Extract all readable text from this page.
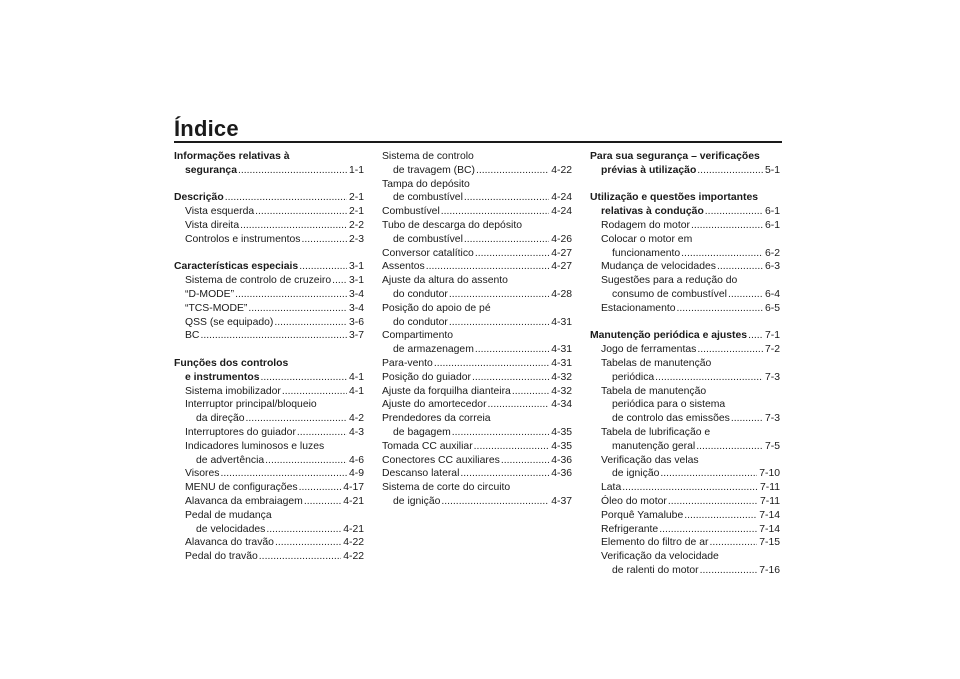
Índice
Informações relativas à
segurança .....	1-1
Descrição .....	2-1
Vista esquerda .....	2-1
Vista direita .....	2-2
Controlos e instrumentos .....	2-3
Características especiais .....	3-1
Sistema de controlo de cruzeiro ..... 3-1
“D-MODE” .....	3-4
“TCS-MODE” .....	3-4
QSS (se equipado) .....	3-6
BC .....	3-7
Funções dos controlos
e instrumentos .....	4-1
Sistema imobilizador .....	4-1
Interruptor principal/bloqueio
da direção .....	4-2
Interruptores do guiador .....	4-3
Indicadores luminosos e luzes
de advertência .....	4-6
Visores .....	4-9
MENU de configurações .....	4-17
Alavanca da embraiagem .....	4-21
Pedal de mudança
de velocidades .....	4-21
Alavanca do travão .....	4-22
Pedal do travão .....	4-22
Sistema de controlo
de travagem (BC) .....	4-22
Tampa do depósito
de combustível .....	4-24
Combustível .....	4-24
Tubo de descarga do depósito
de combustível .....	4-26
Conversor catalítico .....	4-27
Assentos .....	4-27
Ajuste da altura do assento
do condutor .....	4-28
Posição do apoio de pé
do condutor .....	4-31
Compartimento
de armazenagem .....	4-31
Para-vento .....	4-31
Posição do guiador .....	4-32
Ajuste da forquilha dianteira .....	4-32
Ajuste do amortecedor .....	4-34
Prendedores da correia
de bagagem .....	4-35
Tomada CC auxiliar .....	4-35
Conectores CC auxiliares .....	4-36
Descanso lateral .....	4-36
Sistema de corte do circuito
de ignição .....	4-37
Para sua segurança – verificações
prévias à utilização .....	5-1
Utilização e questões importantes
relativas à condução .....	6-1
Rodagem do motor .....	6-1
Colocar o motor em
funcionamento .....	6-2
Mudança de velocidades .....	6-3
Sugestões para a redução do
consumo de combustível .....	6-4
Estacionamento .....	6-5
Manutenção periódica e ajustes ..... 7-1
Jogo de ferramentas .....	7-2
Tabelas de manutenção
periódica .....	7-3
Tabela de manutenção
periódica para o sistema
de controlo das emissões .....	7-3
Tabela de lubrificação e
manutenção geral .....	7-5
Verificação das velas
de ignição .....	7-10
Lata .....	7-11
Óleo do motor .....	7-11
Porquê Yamalube .....	7-14
Refrigerante .....	7-14
Elemento do filtro de ar .....	7-15
Verificação da velocidade
de ralenti do motor .....	7-16
